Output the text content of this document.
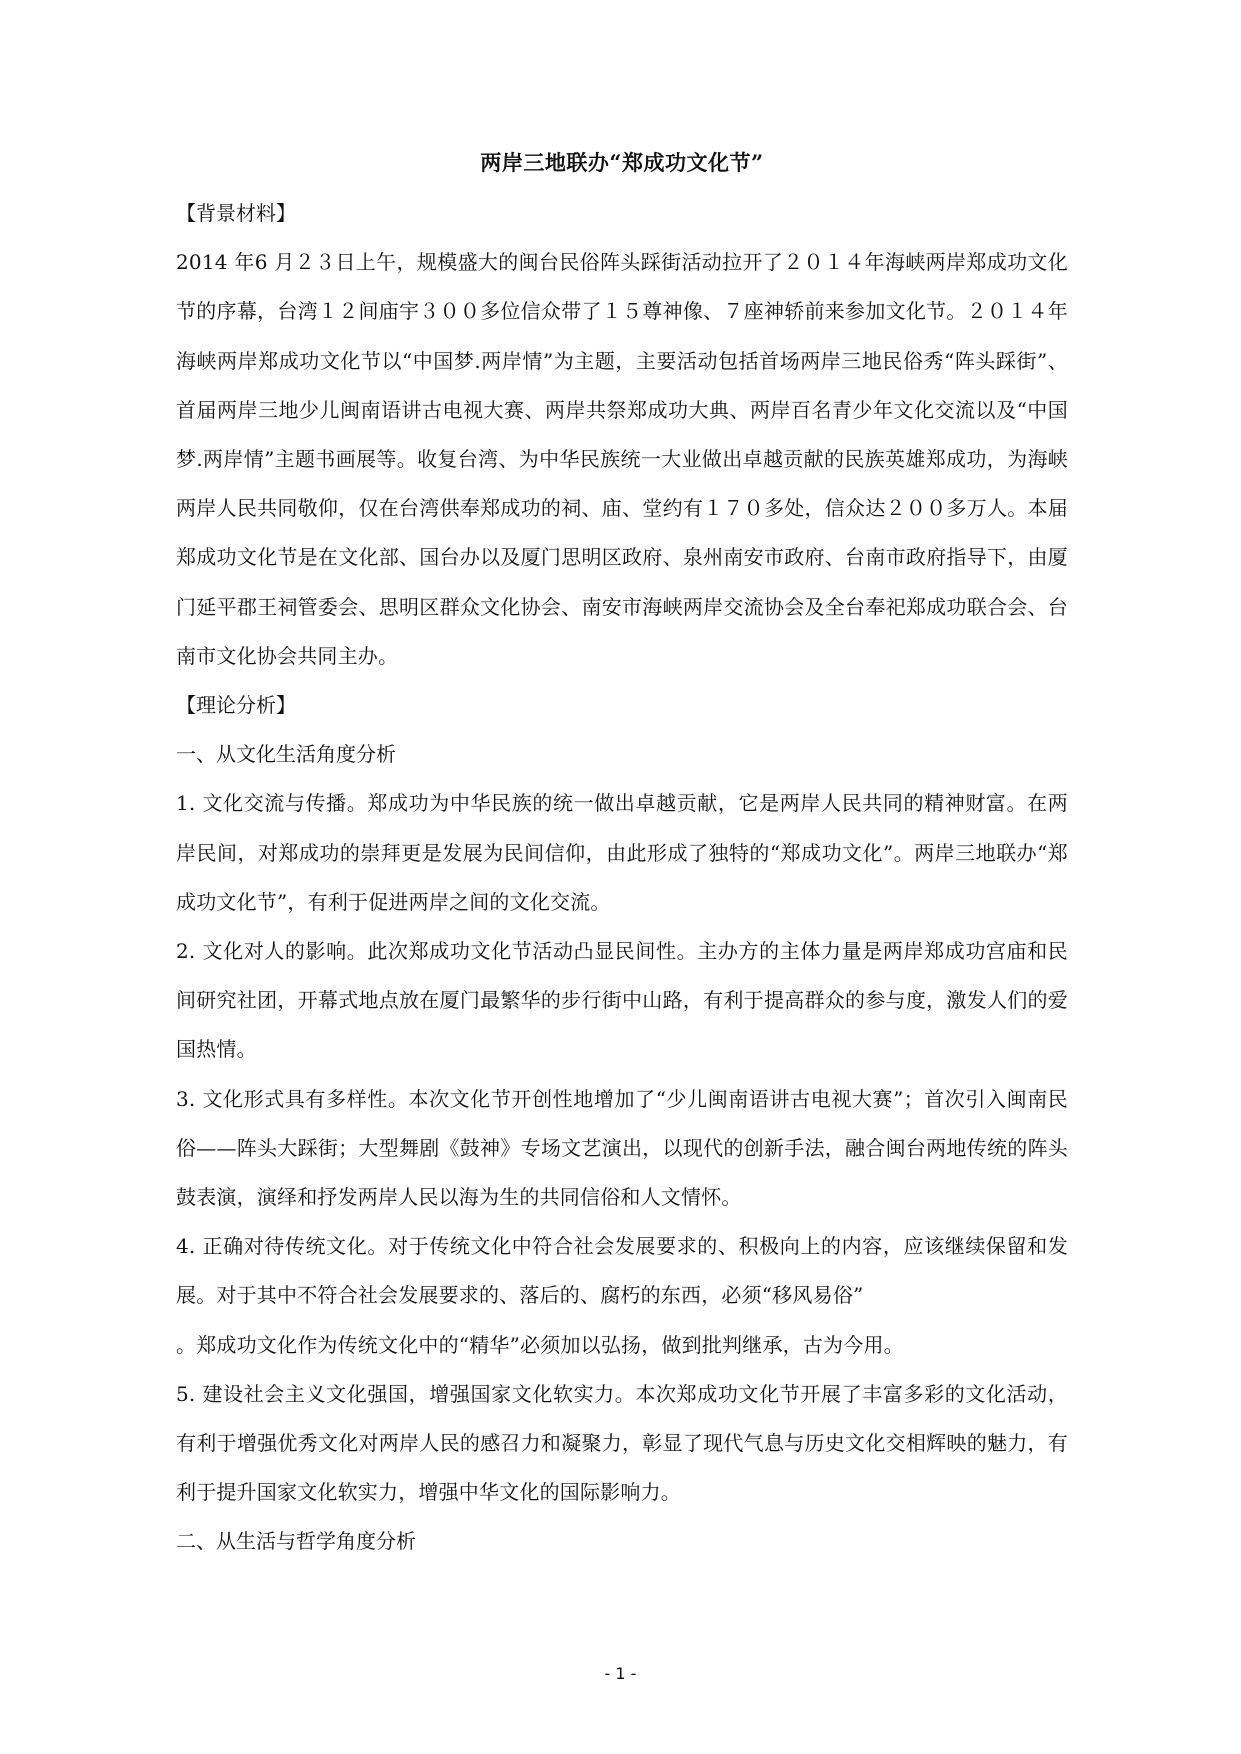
两岸三地联办“郑成功文化节”

【背景材料】

2014 年6 月２３日上午，规模盛大的闽台民俗阵头踩街活动拉开了２０１４年海峡两岸郑成功文化节的序幕，台湾１２间庙宇３００多位信众带了１５尊神像、７座神轿前来参加文化节。２０１４年海峡两岸郑成功文化节以“中国梦.两岸情”为主题，主要活动包括首场两岸三地民俗秀“阵头踩街”、首届两岸三地少儿闽南语讲古电视大赛、两岸共祭郑成功大典、两岸百名青少年文化交流以及“中国梦.两岸情”主题书画展等。收复台湾、为中华民族统一大业做出卓越贡献的民族英雄郑成功，为海峡两岸人民共同敬仰，仅在台湾供奉郑成功的祠、庙、堂约有１７０多处，信众达２００多万人。本届郑成功文化节是在文化部、国台办以及厦门思明区政府、泉州南安市政府、台南市政府指导下，由厦门延平郡王祠管委会、思明区群众文化协会、南安市海峡两岸交流协会及全台奉祀郑成功联合会、台南市文化协会共同主办。

【理论分析】

一、从文化生活角度分析

1. 文化交流与传播。郑成功为中华民族的统一做出卓越贡献，它是两岸人民共同的精神财富。在两岸民间，对郑成功的崇拜更是发展为民间信仰，由此形成了独特的“郑成功文化”。两岸三地联办“郑成功文化节”，有利于促进两岸之间的文化交流。

2. 文化对人的影响。此次郑成功文化节活动凸显民间性。主办方的主体力量是两岸郑成功宫庙和民间研究社团，开幕式地点放在厦门最繁华的步行街中山路，有利于提高群众的参与度，激发人们的爱国热情。

3. 文化形式具有多样性。本次文化节开创性地增加了“少儿闽南语讲古电视大赛”；首次引入闽南民俗——阵头大踩街；大型舞剧《鼓神》专场文艺演出，以现代的创新手法，融合闽台两地传统的阵头鼓表演，演绎和抒发两岸人民以海为生的共同信俗和人文情怀。

4. 正确对待传统文化。对于传统文化中符合社会发展要求的、积极向上的内容，应该继续保留和发展。对于其中不符合社会发展要求的、落后的、腐朽的东西，必须“移风易俗”

。郑成功文化作为传统文化中的“精华”必须加以弘扬，做到批判继承，古为今用。

5. 建设社会主义文化强国，增强国家文化软实力。本次郑成功文化节开展了丰富多彩的文化活动，有利于增强优秀文化对两岸人民的感召力和凝聚力，彰显了现代气息与历史文化交相辉映的魅力，有利于提升国家文化软实力，增强中华文化的国际影响力。

二、从生活与哲学角度分析

- 1 -
